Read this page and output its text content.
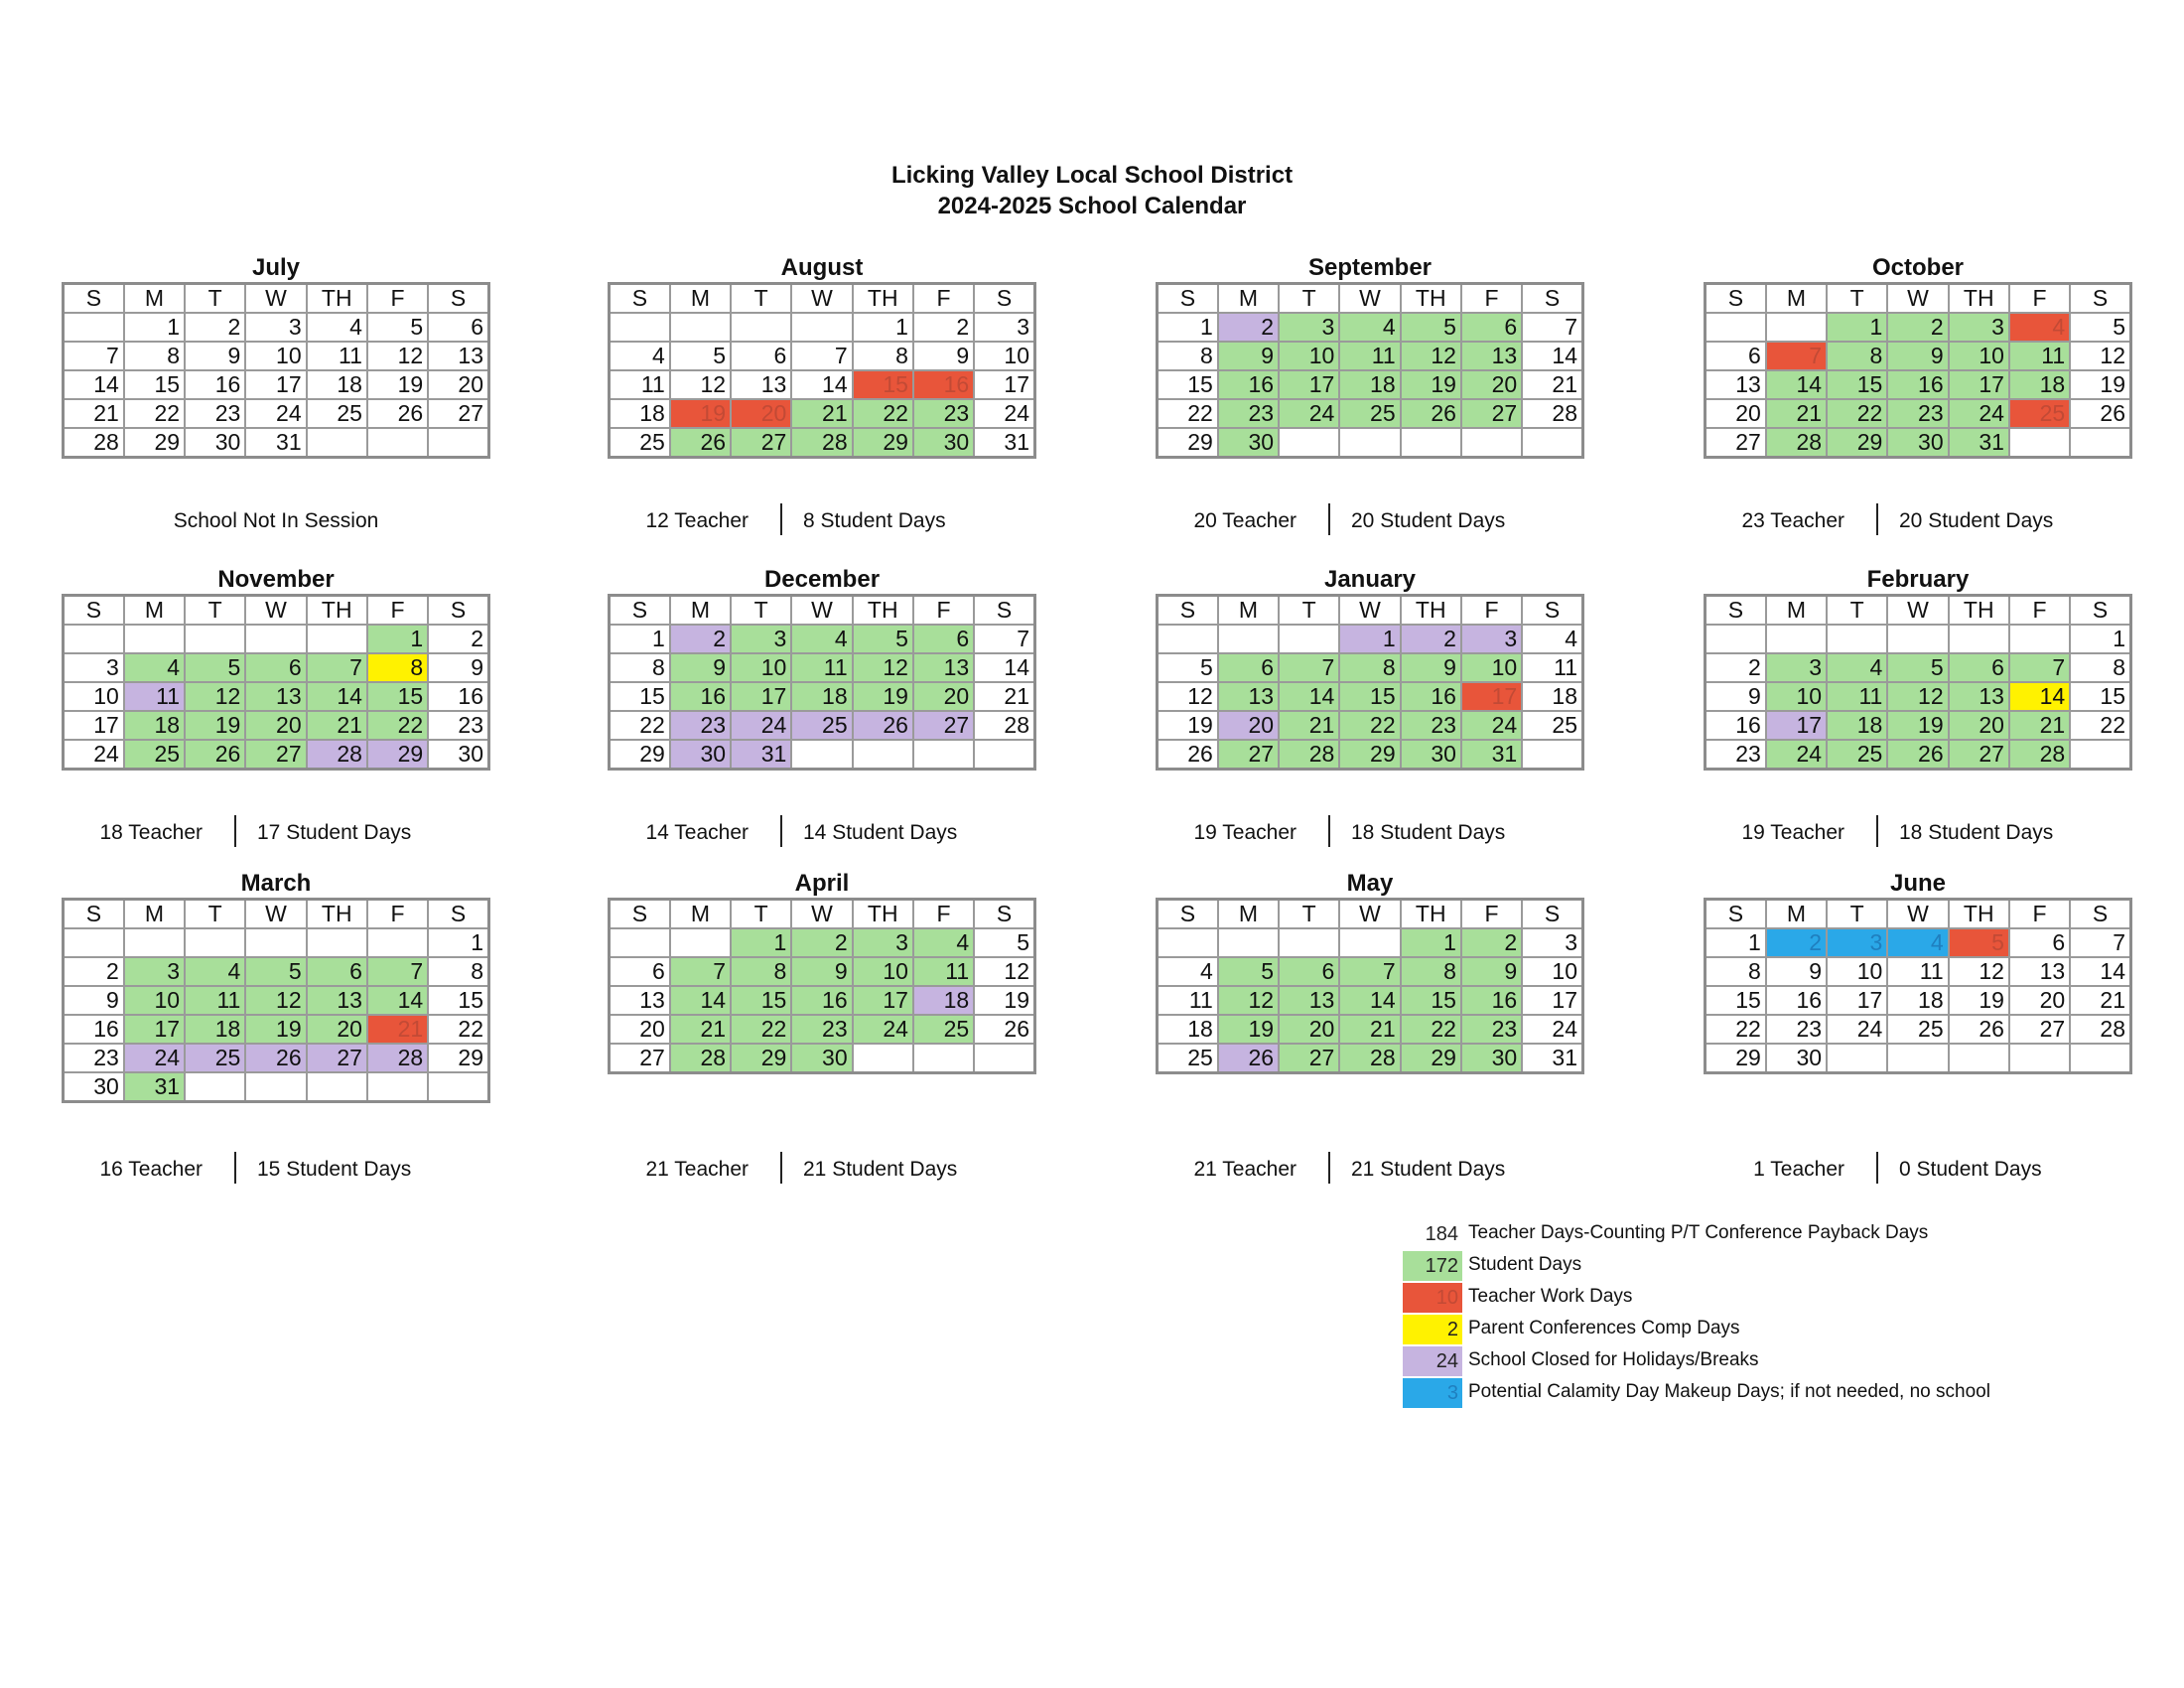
Licking Valley Local School District
2024-2025 School Calendar
July
S	M	T	W	TH	F	S
	1	2	3	4	5	6
7	8	9	10	11	12	13
14	15	16	17	18	19	20
21	22	23	24	25	26	27
28	29	30	31			
School Not In Session
August
S	M	T	W	TH	F	S
				1	2	3
4	5	6	7	8	9	10
11	12	13	14	15	16	17
18	19	20	21	22	23	24
25	26	27	28	29	30	31
12 Teacher	8 Student Days
September
S	M	T	W	TH	F	S
1	2	3	4	5	6	7
8	9	10	11	12	13	14
15	16	17	18	19	20	21
22	23	24	25	26	27	28
29	30					
20 Teacher	20 Student Days
October
S	M	T	W	TH	F	S
		1	2	3	4	5
6	7	8	9	10	11	12
13	14	15	16	17	18	19
20	21	22	23	24	25	26
27	28	29	30	31		
23 Teacher	20 Student Days
November
S	M	T	W	TH	F	S
					1	2
3	4	5	6	7	8	9
10	11	12	13	14	15	16
17	18	19	20	21	22	23
24	25	26	27	28	29	30
18 Teacher	17 Student Days
December
S	M	T	W	TH	F	S
1	2	3	4	5	6	7
8	9	10	11	12	13	14
15	16	17	18	19	20	21
22	23	24	25	26	27	28
29	30	31				
14 Teacher	14 Student Days
January
S	M	T	W	TH	F	S
			1	2	3	4
5	6	7	8	9	10	11
12	13	14	15	16	17	18
19	20	21	22	23	24	25
26	27	28	29	30	31	
19 Teacher	18 Student Days
February
S	M	T	W	TH	F	S
						1
2	3	4	5	6	7	8
9	10	11	12	13	14	15
16	17	18	19	20	21	22
23	24	25	26	27	28	
19 Teacher	18 Student Days
March
S	M	T	W	TH	F	S
						1
2	3	4	5	6	7	8
9	10	11	12	13	14	15
16	17	18	19	20	21	22
23	24	25	26	27	28	29
30	31					
16 Teacher	15 Student Days
April
S	M	T	W	TH	F	S
		1	2	3	4	5
6	7	8	9	10	11	12
13	14	15	16	17	18	19
20	21	22	23	24	25	26
27	28	29	30			
21 Teacher	21 Student Days
May
S	M	T	W	TH	F	S
				1	2	3
4	5	6	7	8	9	10
11	12	13	14	15	16	17
18	19	20	21	22	23	24
25	26	27	28	29	30	31
21 Teacher	21 Student Days
June
S	M	T	W	TH	F	S
1	2	3	4	5	6	7
8	9	10	11	12	13	14
15	16	17	18	19	20	21
22	23	24	25	26	27	28
29	30					
1 Teacher	0 Student Days
184 Teacher Days-Counting P/T Conference Payback Days
172 Student Days
10 Teacher Work Days
2 Parent Conferences Comp Days
24 School Closed for Holidays/Breaks
3 Potential Calamity Day Makeup Days; if not needed, no school
